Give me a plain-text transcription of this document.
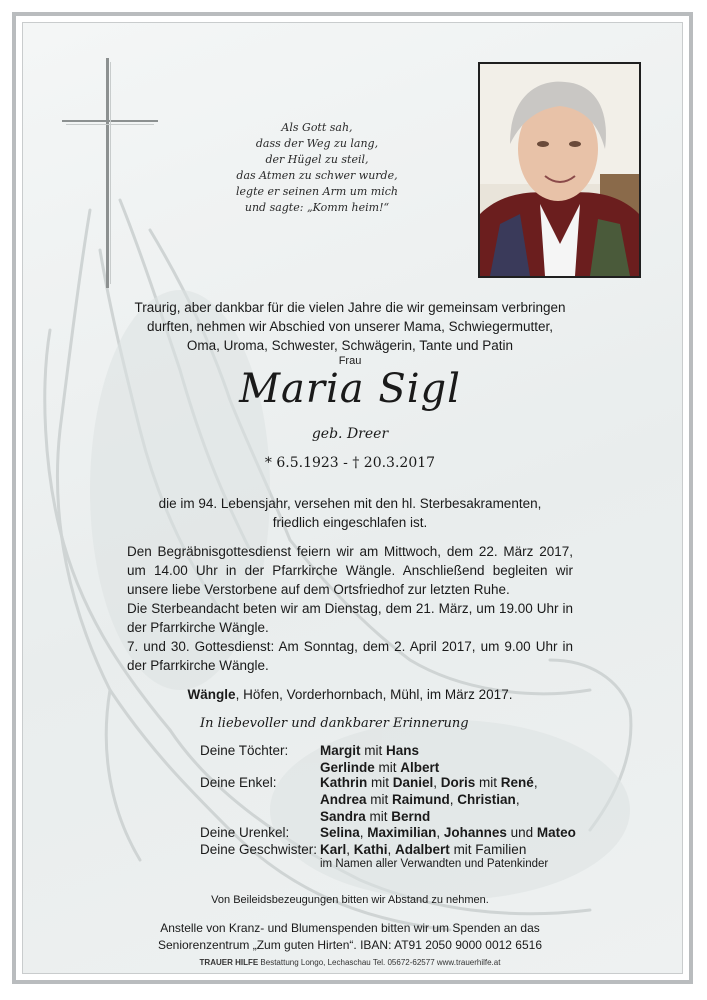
Als Gott sah,
dass der Weg zu lang,
der Hügel zu steil,
das Atmen zu schwer wurde,
legte er seinen Arm um mich
und sagte: „Komm heim!“
Traurig, aber dankbar für die vielen Jahre die wir gemeinsam verbringen
durften, nehmen wir Abschied von unserer Mama, Schwiegermutter,
Oma, Uroma, Schwester, Schwägerin, Tante und Patin
Frau
Maria Sigl
geb. Dreer
* 6.5.1923 - † 20.3.2017
die im 94. Lebensjahr, versehen mit den hl. Sterbesakramenten,
friedlich eingeschlafen ist.
Den Begräbnisgottesdienst feiern wir am Mittwoch, dem 22. März 2017, um 14.00 Uhr in der Pfarrkirche Wängle. Anschließend begleiten wir unsere liebe Verstorbene auf dem Ortsfriedhof zur letzten Ruhe.
Die Sterbeandacht beten wir am Dienstag, dem 21. März, um 19.00 Uhr in der Pfarrkirche Wängle.
7. und 30. Gottesdienst: Am Sonntag, dem 2. April 2017, um 9.00 Uhr in der Pfarrkirche Wängle.
Wängle, Höfen, Vorderhornbach, Mühl, im März 2017.
In liebevoller und dankbarer Erinnerung
Deine Töchter: Margit mit Hans
Gerlinde mit Albert
Deine Enkel:	Kathrin mit Daniel, Doris mit René,
Andrea mit Raimund, Christian,
Sandra mit Bernd
Deine Urenkel: Selina, Maximilian, Johannes und Mateo
Deine Geschwister: Karl, Kathi, Adalbert mit Familien
im Namen aller Verwandten und Patenkinder
Von Beileidsbezeugungen bitten wir Abstand zu nehmen.
Anstelle von Kranz- und Blumenspenden bitten wir um Spenden an das
Seniorenzentrum „Zum guten Hirten“. IBAN: AT91 2050 9000 0012 6516
TRAUER HILFE Bestattung Longo, Lechaschau Tel. 05672-62577 www.trauerhilfe.at
